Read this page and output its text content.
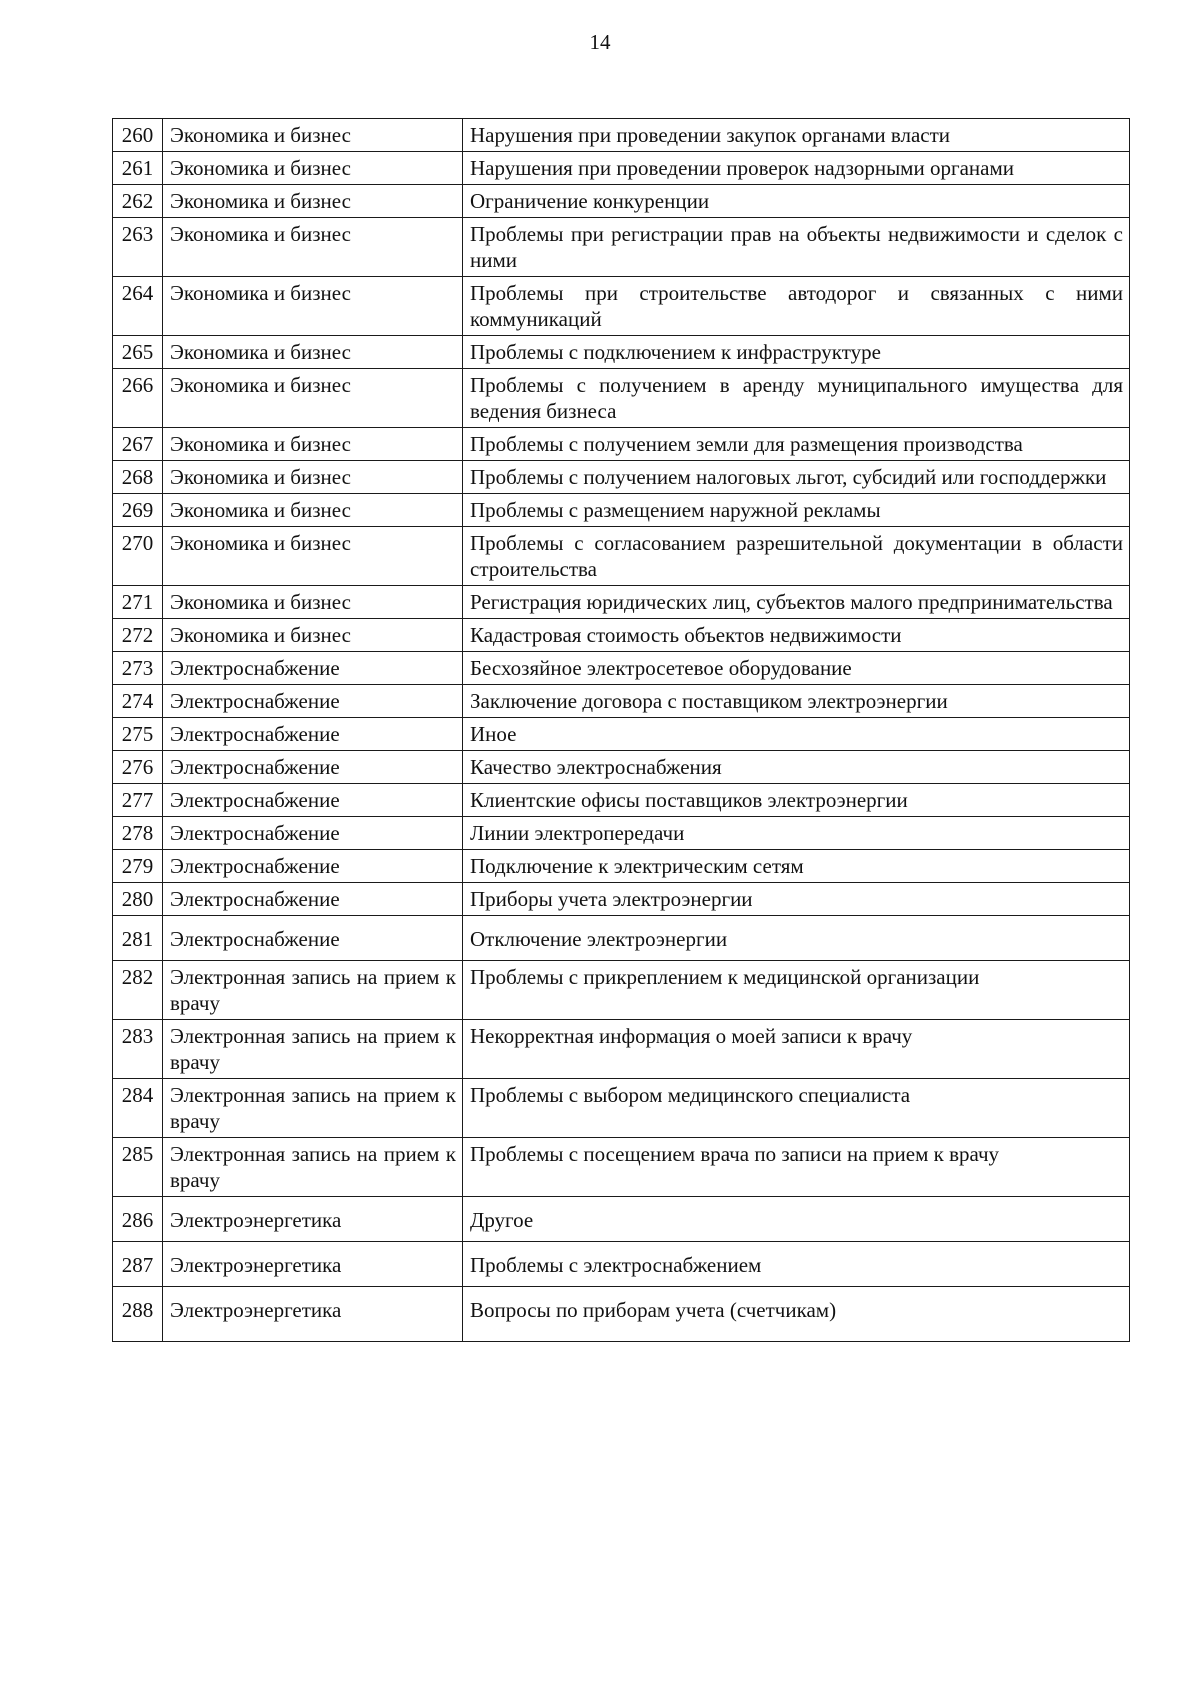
14
260	Экономика и бизнес	Нарушения при проведении закупок органами власти
261	Экономика и бизнес	Нарушения при проведении проверок надзорными органами
262	Экономика и бизнес	Ограничение конкуренции
263	Экономика и бизнес	Проблемы при регистрации прав на объекты недвижимости и сделок с ними
264	Экономика и бизнес	Проблемы при строительстве автодорог и связанных с ними коммуникаций
265	Экономика и бизнес	Проблемы с подключением к инфраструктуре
266	Экономика и бизнес	Проблемы с получением в аренду муниципального имущества для ведения бизнеса
267	Экономика и бизнес	Проблемы с получением земли для размещения производства
268	Экономика и бизнес	Проблемы с получением налоговых льгот, субсидий или господдержки
269	Экономика и бизнес	Проблемы с размещением наружной рекламы
270	Экономика и бизнес	Проблемы с согласованием разрешительной документации в области строительства
271	Экономика и бизнес	Регистрация юридических лиц, субъектов малого предпринимательства
272	Экономика и бизнес	Кадастровая стоимость объектов недвижимости
273	Электроснабжение	Бесхозяйное электросетевое оборудование
274	Электроснабжение	Заключение договора с поставщиком электроэнергии
275	Электроснабжение	Иное
276	Электроснабжение	Качество электроснабжения
277	Электроснабжение	Клиентские офисы поставщиков электроэнергии
278	Электроснабжение	Линии электропередачи
279	Электроснабжение	Подключение к электрическим сетям
280	Электроснабжение	Приборы учета электроэнергии
281	Электроснабжение	Отключение электроэнергии
282	Электронная запись на прием к врачу	Проблемы с прикреплением к медицинской организации
283	Электронная запись на прием к врачу	Некорректная информация о моей записи к врачу
284	Электронная запись на прием к врачу	Проблемы с выбором медицинского специалиста
285	Электронная запись на прием к врачу	Проблемы с посещением врача по записи на прием к врачу
286	Электроэнергетика	Другое
287	Электроэнергетика	Проблемы с электроснабжением
288	Электроэнергетика	Вопросы по приборам учета (счетчикам)
